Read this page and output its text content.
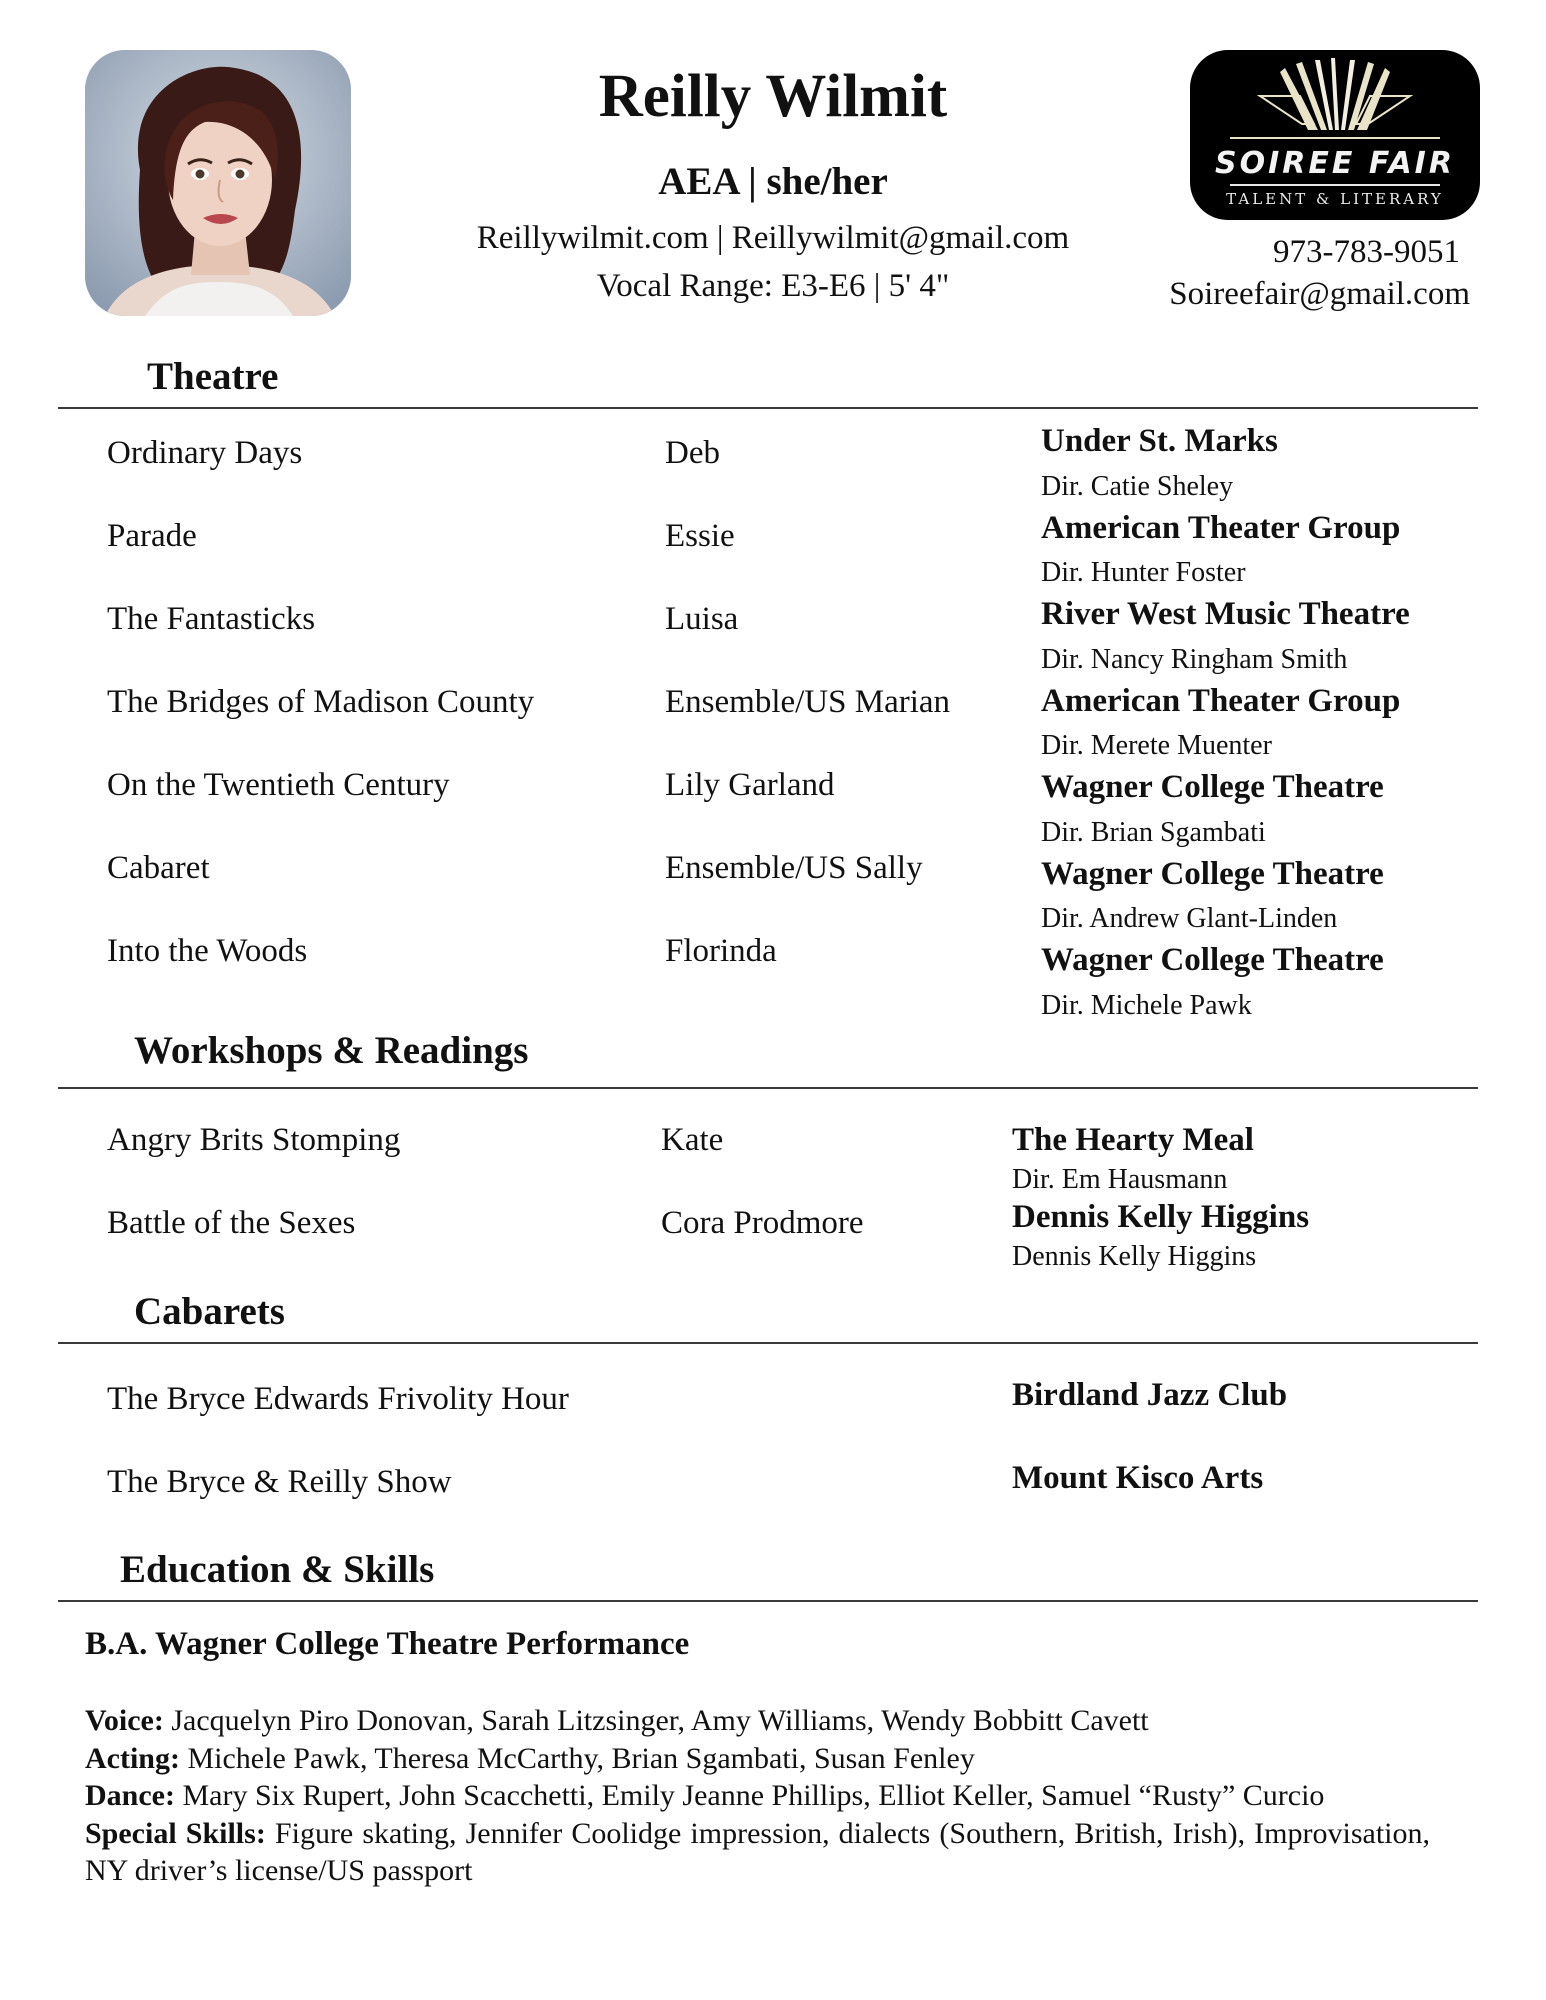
Reilly Wilmit
AEA | she/her
Reillywilmit.com | Reillywilmit@gmail.com
Vocal Range: E3-E6 | 5' 4"
SOIREE FAIR
TALENT & LITERARY
973-783-9051
Soireefair@gmail.com
Theatre
Ordinary Days	Deb	Under St. Marks
Dir. Catie Sheley
Parade	Essie	American Theater Group
Dir. Hunter Foster
The Fantasticks	Luisa	River West Music Theatre
Dir. Nancy Ringham Smith
The Bridges of Madison County	Ensemble/US Marian	American Theater Group
Dir. Merete Muenter
On the Twentieth Century	Lily Garland	Wagner College Theatre
Dir. Brian Sgambati
Cabaret	Ensemble/US Sally	Wagner College Theatre
Dir. Andrew Glant-Linden
Into the Woods	Florinda	Wagner College Theatre
Dir. Michele Pawk
Workshops & Readings
Angry Brits Stomping	Kate	The Hearty Meal
Dir. Em Hausmann
Battle of the Sexes	Cora Prodmore	Dennis Kelly Higgins
Dennis Kelly Higgins
Cabarets
The Bryce Edwards Frivolity Hour	Birdland Jazz Club
The Bryce & Reilly Show	Mount Kisco Arts
Education & Skills
B.A. Wagner College Theatre Performance

Voice: Jacquelyn Piro Donovan, Sarah Litzsinger, Amy Williams, Wendy Bobbitt Cavett

Acting: Michele Pawk, Theresa McCarthy, Brian Sgambati, Susan Fenley

Dance: Mary Six Rupert, John Scacchetti, Emily Jeanne Phillips, Elliot Keller, Samuel “Rusty” Curcio

Special Skills: Figure skating, Jennifer Coolidge impression, dialects (Southern, British, Irish), Improvisation, NY driver’s license/US passport
